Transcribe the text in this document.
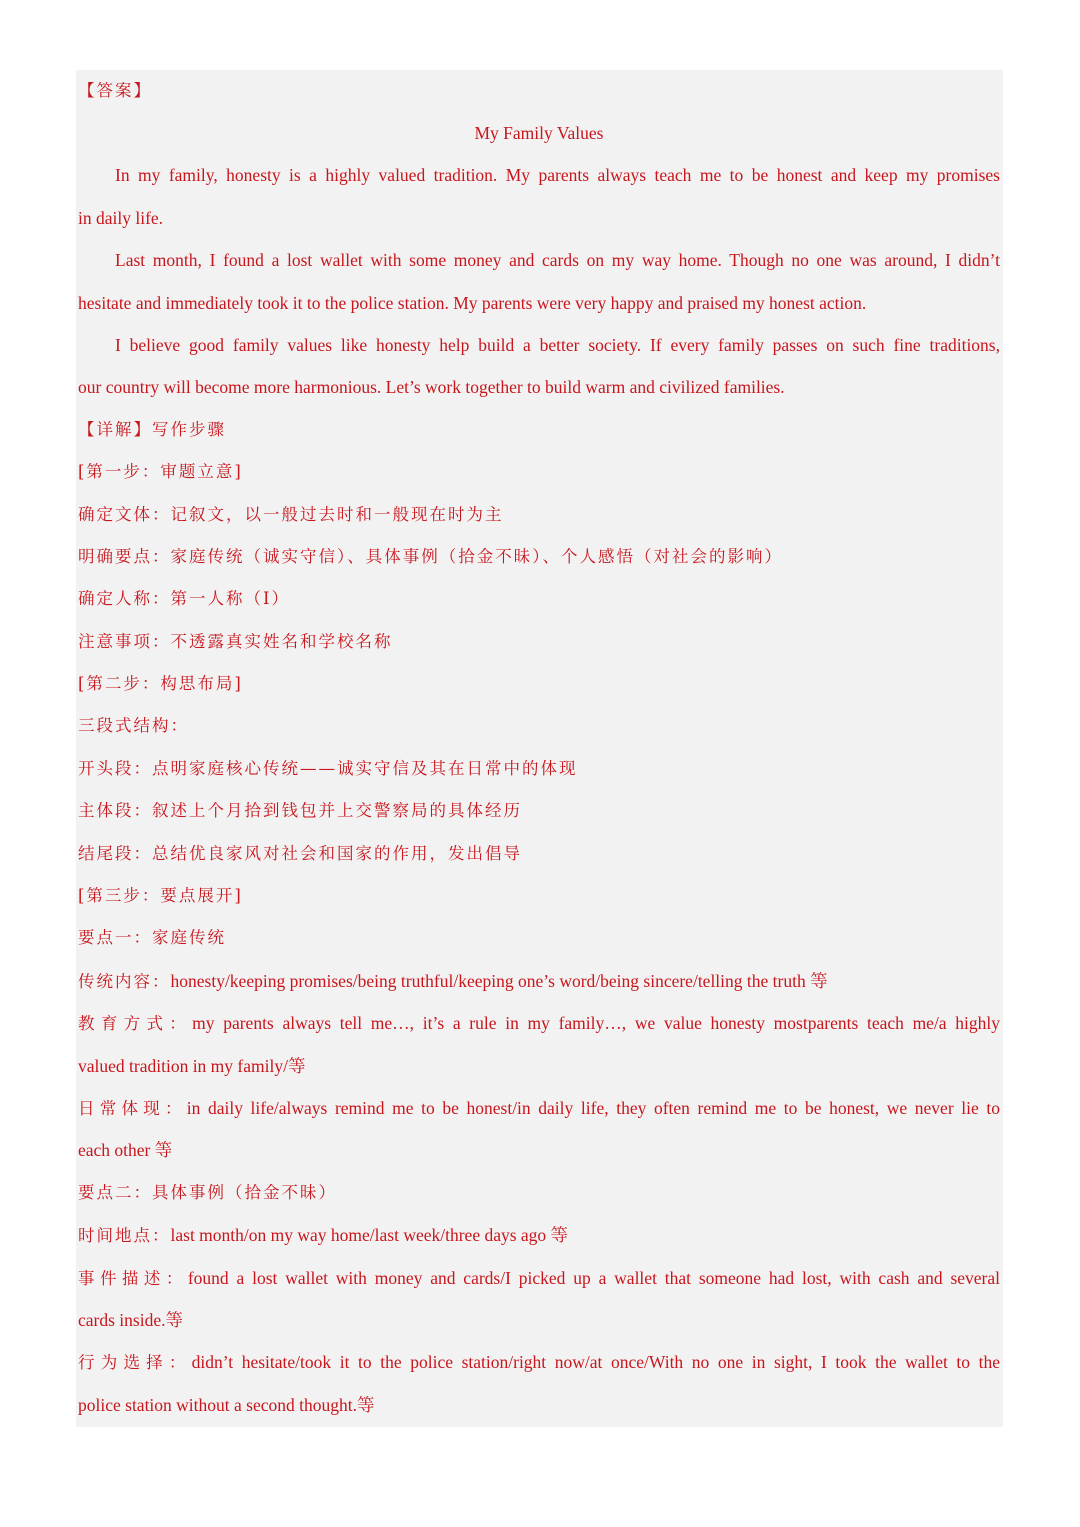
【答案】
My Family Values
In my family, honesty is a highly valued tradition. My parents always teach me to be honest and keep my promises
in daily life.
Last month, I found a lost wallet with some money and cards on my way home. Though no one was around, I didn’t
hesitate and immediately took it to the police station. My parents were very happy and praised my honest action.
I believe good family values like honesty help build a better society. If every family passes on such fine traditions,
our country will become more harmonious. Let’s work together to build warm and civilized families.
【详解】写作步骤
[第一步：审题立意]
确定文体：记叙文，以一般过去时和一般现在时为主
明确要点：家庭传统（诚实守信）、具体事例（拾金不昧）、个人感悟（对社会的影响）
确定人称：第一人称（I）
注意事项：不透露真实姓名和学校名称
[第二步：构思布局]
三段式结构：
开头段：点明家庭核心传统——诚实守信及其在日常中的体现
主体段：叙述上个月拾到钱包并上交警察局的具体经历
结尾段：总结优良家风对社会和国家的作用，发出倡导
[第三步：要点展开]
要点一：家庭传统
传统内容：honesty/keeping promises/being truthful/keeping one’s word/being sincere/telling the truth 等
教育方式：my parents always tell me…, it’s a rule in my family…, we value honesty mostparents teach me/a highly
valued tradition in my family/等
日常体现：in daily life/always remind me to be honest/in daily life, they often remind me to be honest, we never lie to
each other 等
要点二：具体事例（拾金不昧）
时间地点：last month/on my way home/last week/three days ago 等
事件描述：found a lost wallet with money and cards/I picked up a wallet that someone had lost, with cash and several
cards inside.等
行为选择：didn’t hesitate/took it to the police station/right now/at once/With no one in sight, I took the wallet to the
police station without a second thought.等
